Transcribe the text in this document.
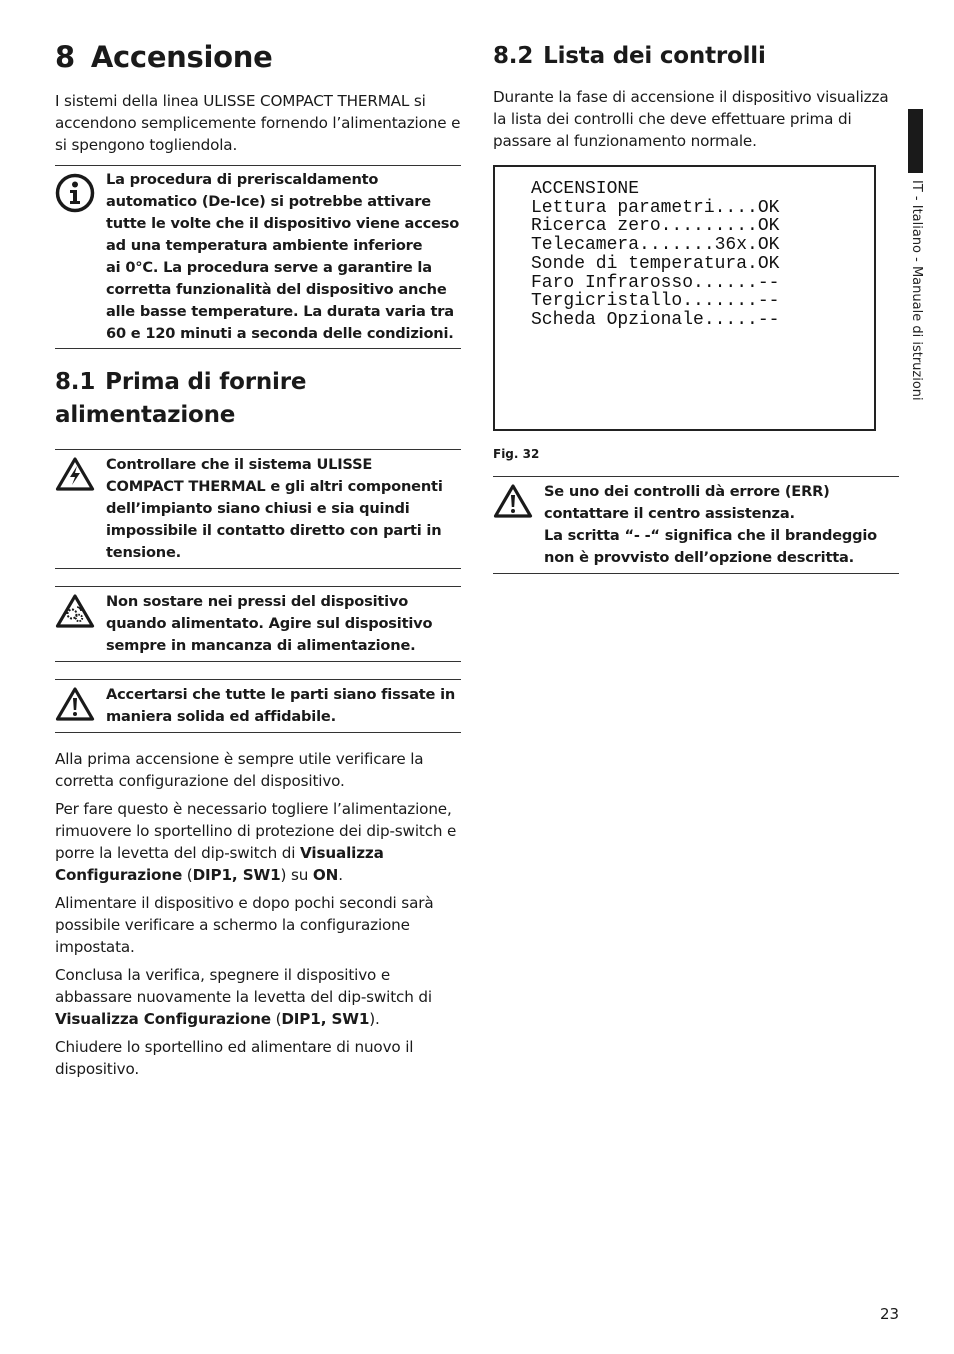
8 Accensione

I sistemi della linea ULISSE COMPACT THERMAL si accendono semplicemente fornendo l’alimentazione e si spengono togliendola.

La procedura di preriscaldamento
automatico (De-Ice) si potrebbe attivare
tutte le volte che il dispositivo viene acceso
ad una temperatura ambiente inferiore
ai 0°C. La procedura serve a garantire la
corretta funzionalità del dispositivo anche
alle basse temperature. La durata varia tra
60 e 120 minuti a seconda delle condizioni.
8.1 Prima di fornire
alimentazione
Controllare che il sistema ULISSE
COMPACT THERMAL e gli altri componenti
dell’impianto siano chiusi e sia quindi
impossibile il contatto diretto con parti in
tensione.
Non sostare nei pressi del dispositivo
quando alimentato. Agire sul dispositivo
sempre in mancanza di alimentazione.
Accertarsi che tutte le parti siano fissate in
maniera solida ed affidabile.

Alla prima accensione è sempre utile verificare la corretta configurazione del dispositivo.

Per fare questo è necessario togliere l’alimentazione, rimuovere lo sportellino di protezione dei dip-switch e porre la levetta del dip-switch di Visualizza Configurazione (DIP1, SW1) su ON.

Alimentare il dispositivo e dopo pochi secondi sarà possibile verificare a schermo la configurazione impostata.

Conclusa la verifica, spegnere il dispositivo e abbassare nuovamente la levetta del dip-switch di Visualizza Configurazione (DIP1, SW1).

Chiudere lo sportellino ed alimentare di nuovo il dispositivo.

8.2 Lista dei controlli

Durante la fase di accensione il dispositivo visualizza la lista dei controlli che deve effettuare prima di passare al funzionamento normale.

ACCENSIONE
Lettura parametri....OK
Ricerca zero.........OK
Telecamera.......36x.OK
Sonde di temperatura.OK
Faro Infrarosso......--
Tergicristallo.......--
Scheda Opzionale.....--
Fig. 32
Se uno dei controlli dà errore (ERR)
contattare il centro assistenza.
La scritta “- -“ significa che il brandeggio
non è provvisto dell’opzione descritta.
IT - Italiano - Manuale di istruzioni
23
